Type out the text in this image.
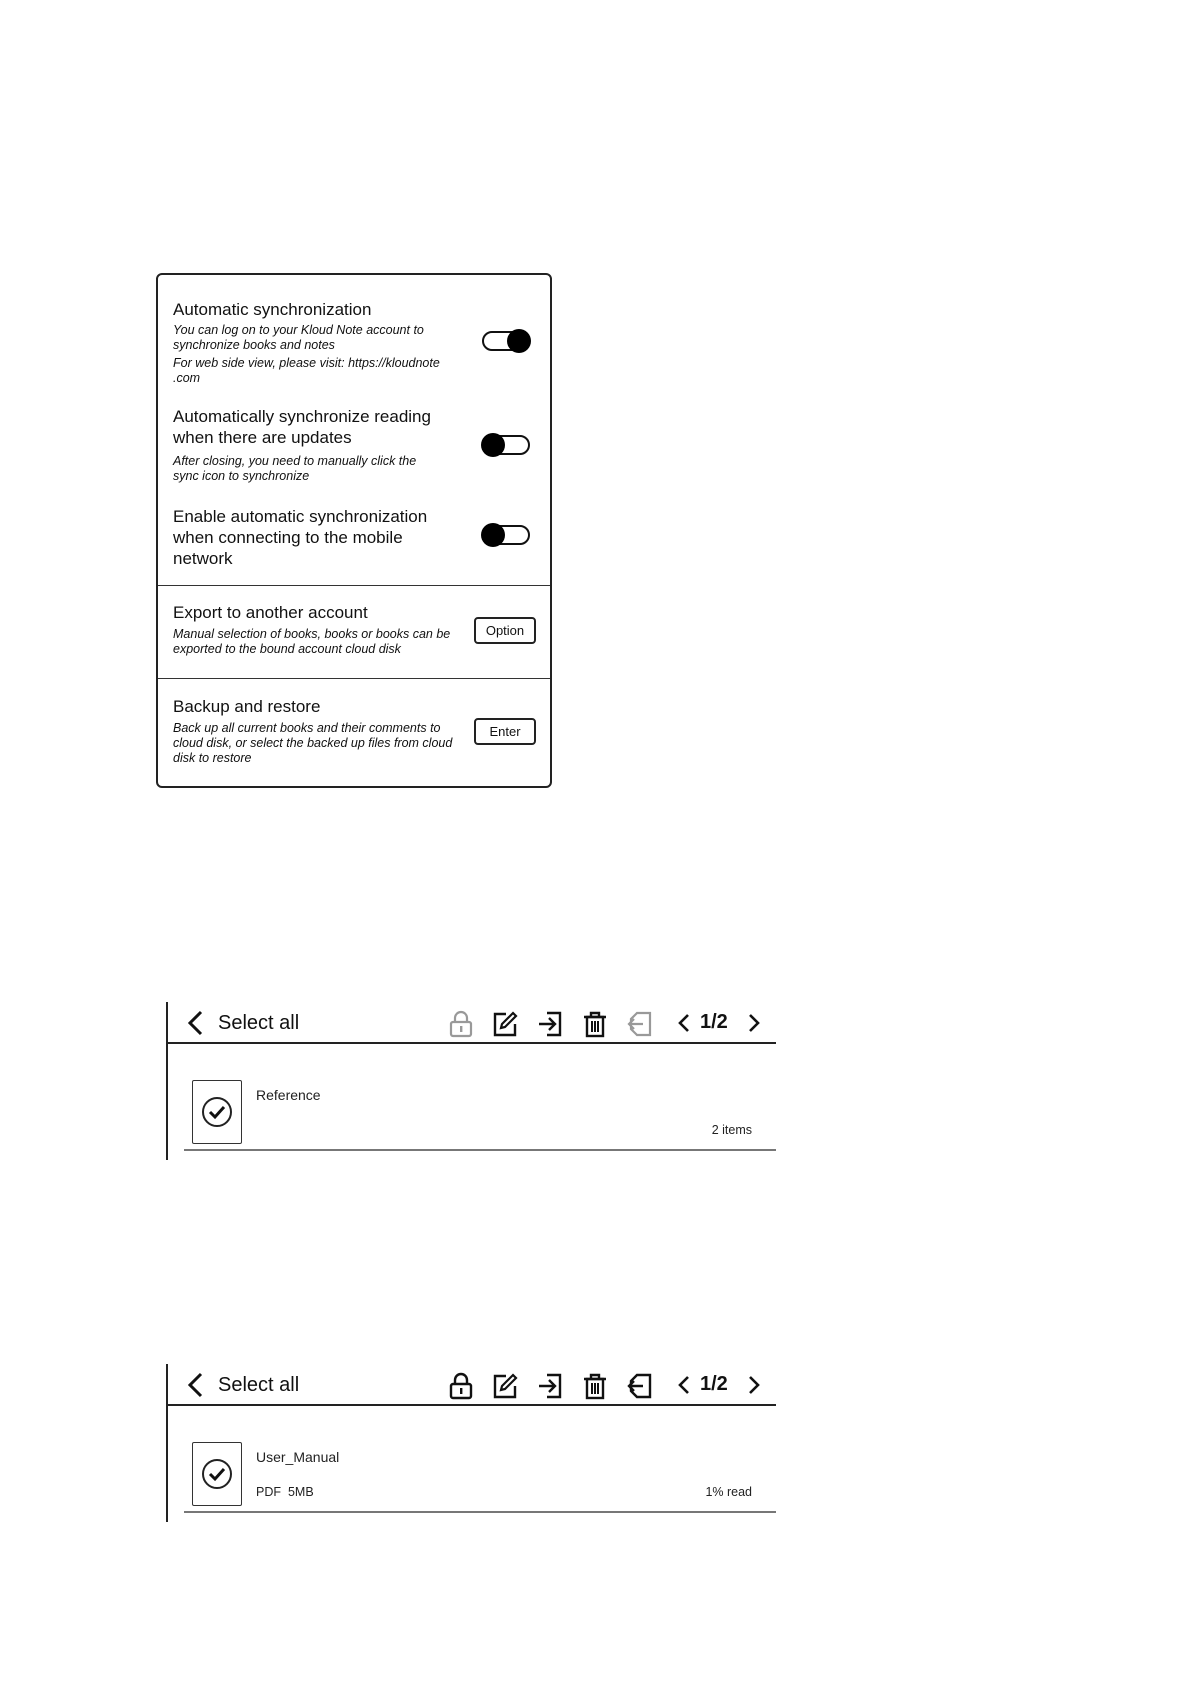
Automatic synchronization
You can log on to your Kloud Note account to synchronize books and notes
For web side view, please visit: https://kloudnote .com
Automatically synchronize reading when there are updates
After closing, you need to manually click the sync icon to synchronize
Enable automatic synchronization when connecting to the mobile network
Export to another account
Manual selection of books, books or books can be exported to the bound account cloud disk
Option
Backup and restore
Back up all current books and their comments to cloud disk, or select the backed up files from cloud disk to restore
Enter
Select all	1/2
Reference
2 items
Select all	1/2
User_Manual
PDF 5MB	1% read
